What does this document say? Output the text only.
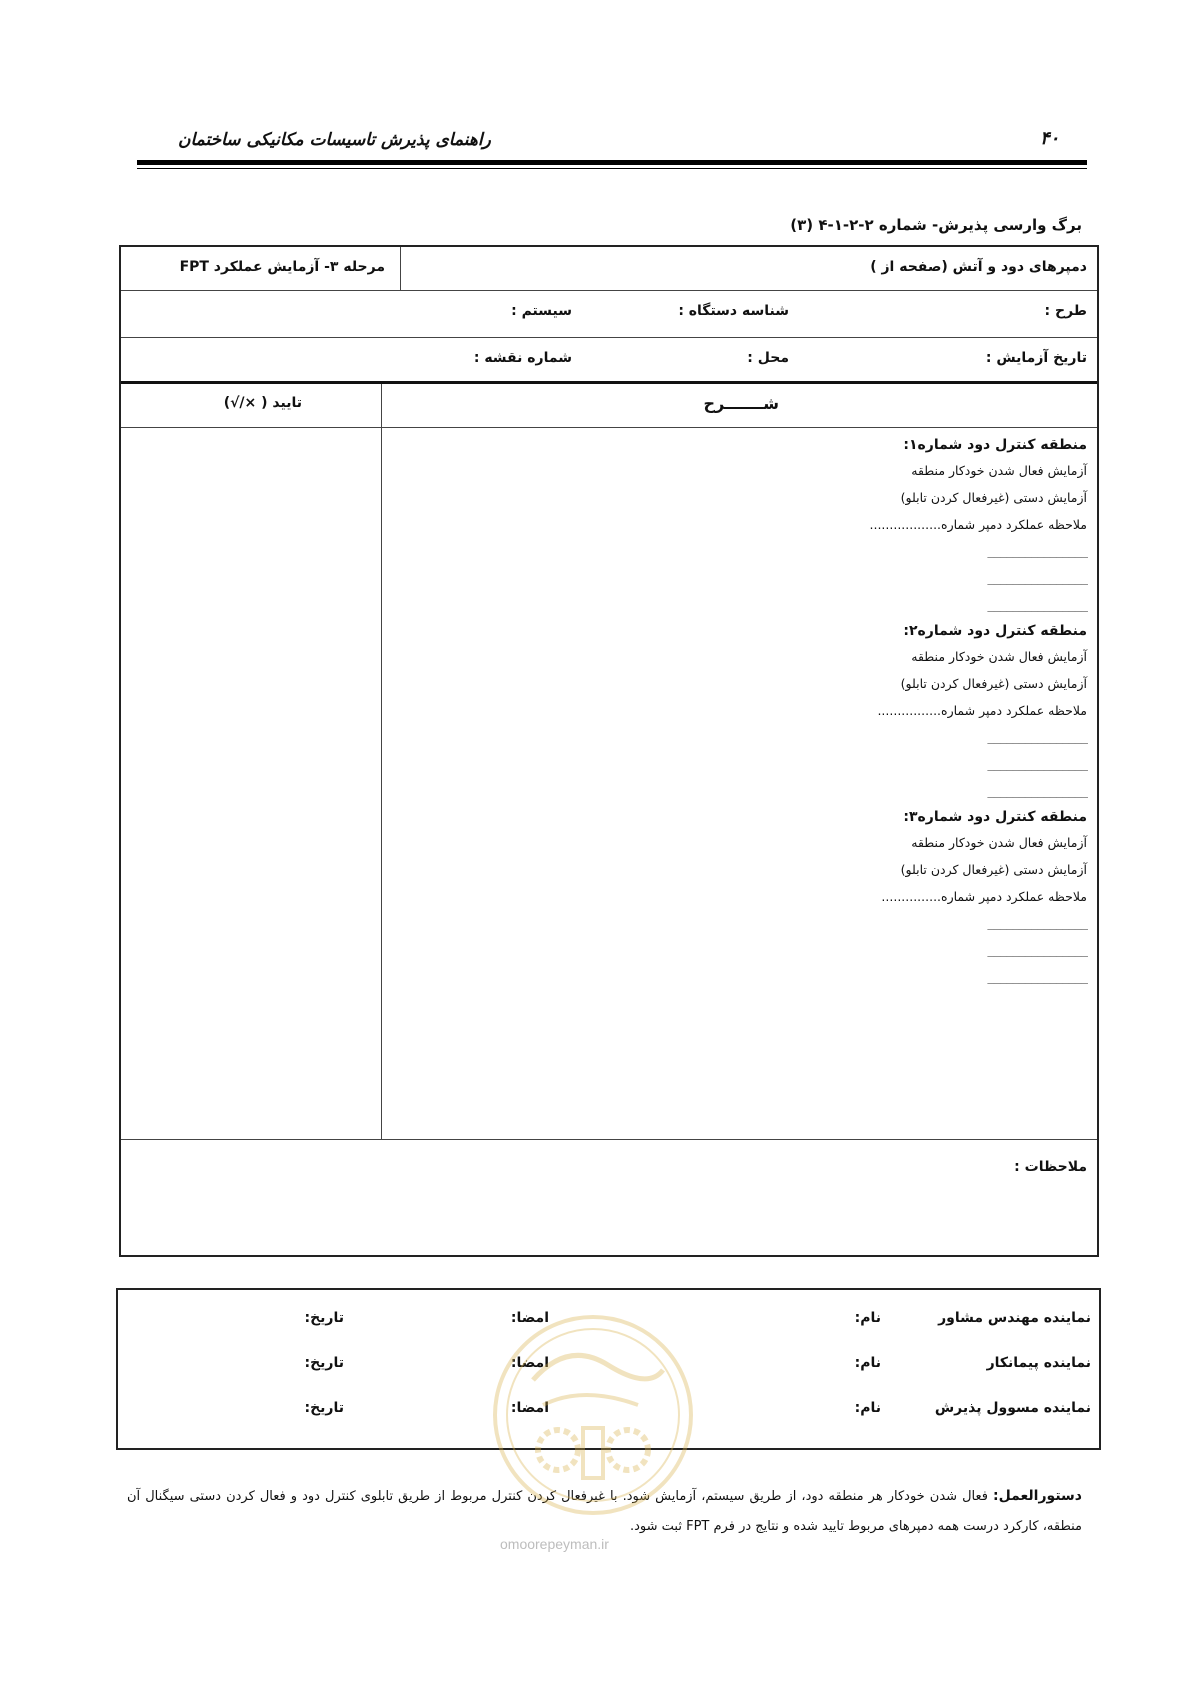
راهنمای پذیرش تاسیسات مکانیکی ساختمان	۴۰
برگ وارسی پذیرش- شماره ۲-۲-۱-۴ (۳)
دمپرهای دود و آتش (صفحه از )
مرحله ۳- آزمایش عملکرد FPT
طرح :
شناسه دستگاه :
سیستم :
تاریخ آزمایش :
محل :
شماره نقشه :
شـــــــرح
تایید ( ×/√)
منطقه کنترل دود شماره۱:
آزمایش فعال شدن خودکار منطقه
آزمایش دستی (غیرفعال کردن تابلو)
ملاحظه عملکرد دمپر شماره..................
________________
________________
________________
منطقه کنترل دود شماره۲:
آزمایش فعال شدن خودکار منطقه
آزمایش دستی (غیرفعال کردن تابلو)
ملاحظه عملکرد دمپر شماره................
________________
________________
________________
منطقه کنترل دود شماره۳:
آزمایش فعال شدن خودکار منطقه
آزمایش دستی (غیرفعال کردن تابلو)
ملاحظه عملکرد دمپر شماره...............
________________
________________
________________
ملاحظات :
نماینده مهندس مشاور
نام:
امضا:
تاریخ:
نماینده پیمانکار
نام:
امضا:
تاریخ:
نماینده مسوول پذیرش
نام:
امضا:
تاریخ:
دستورالعمل: فعال شدن خودکار هر منطقه دود، از طریق سیستم، آزمایش شود. با غیرفعال کردن کنترل مربوط از طریق تابلوی کنترل دود و فعال کردن دستی سیگنال آن منطقه، کارکرد درست همه دمپرهای مربوط تایید شده و نتایج در فرم FPT ثبت شود.
omoorepeyman.ir
